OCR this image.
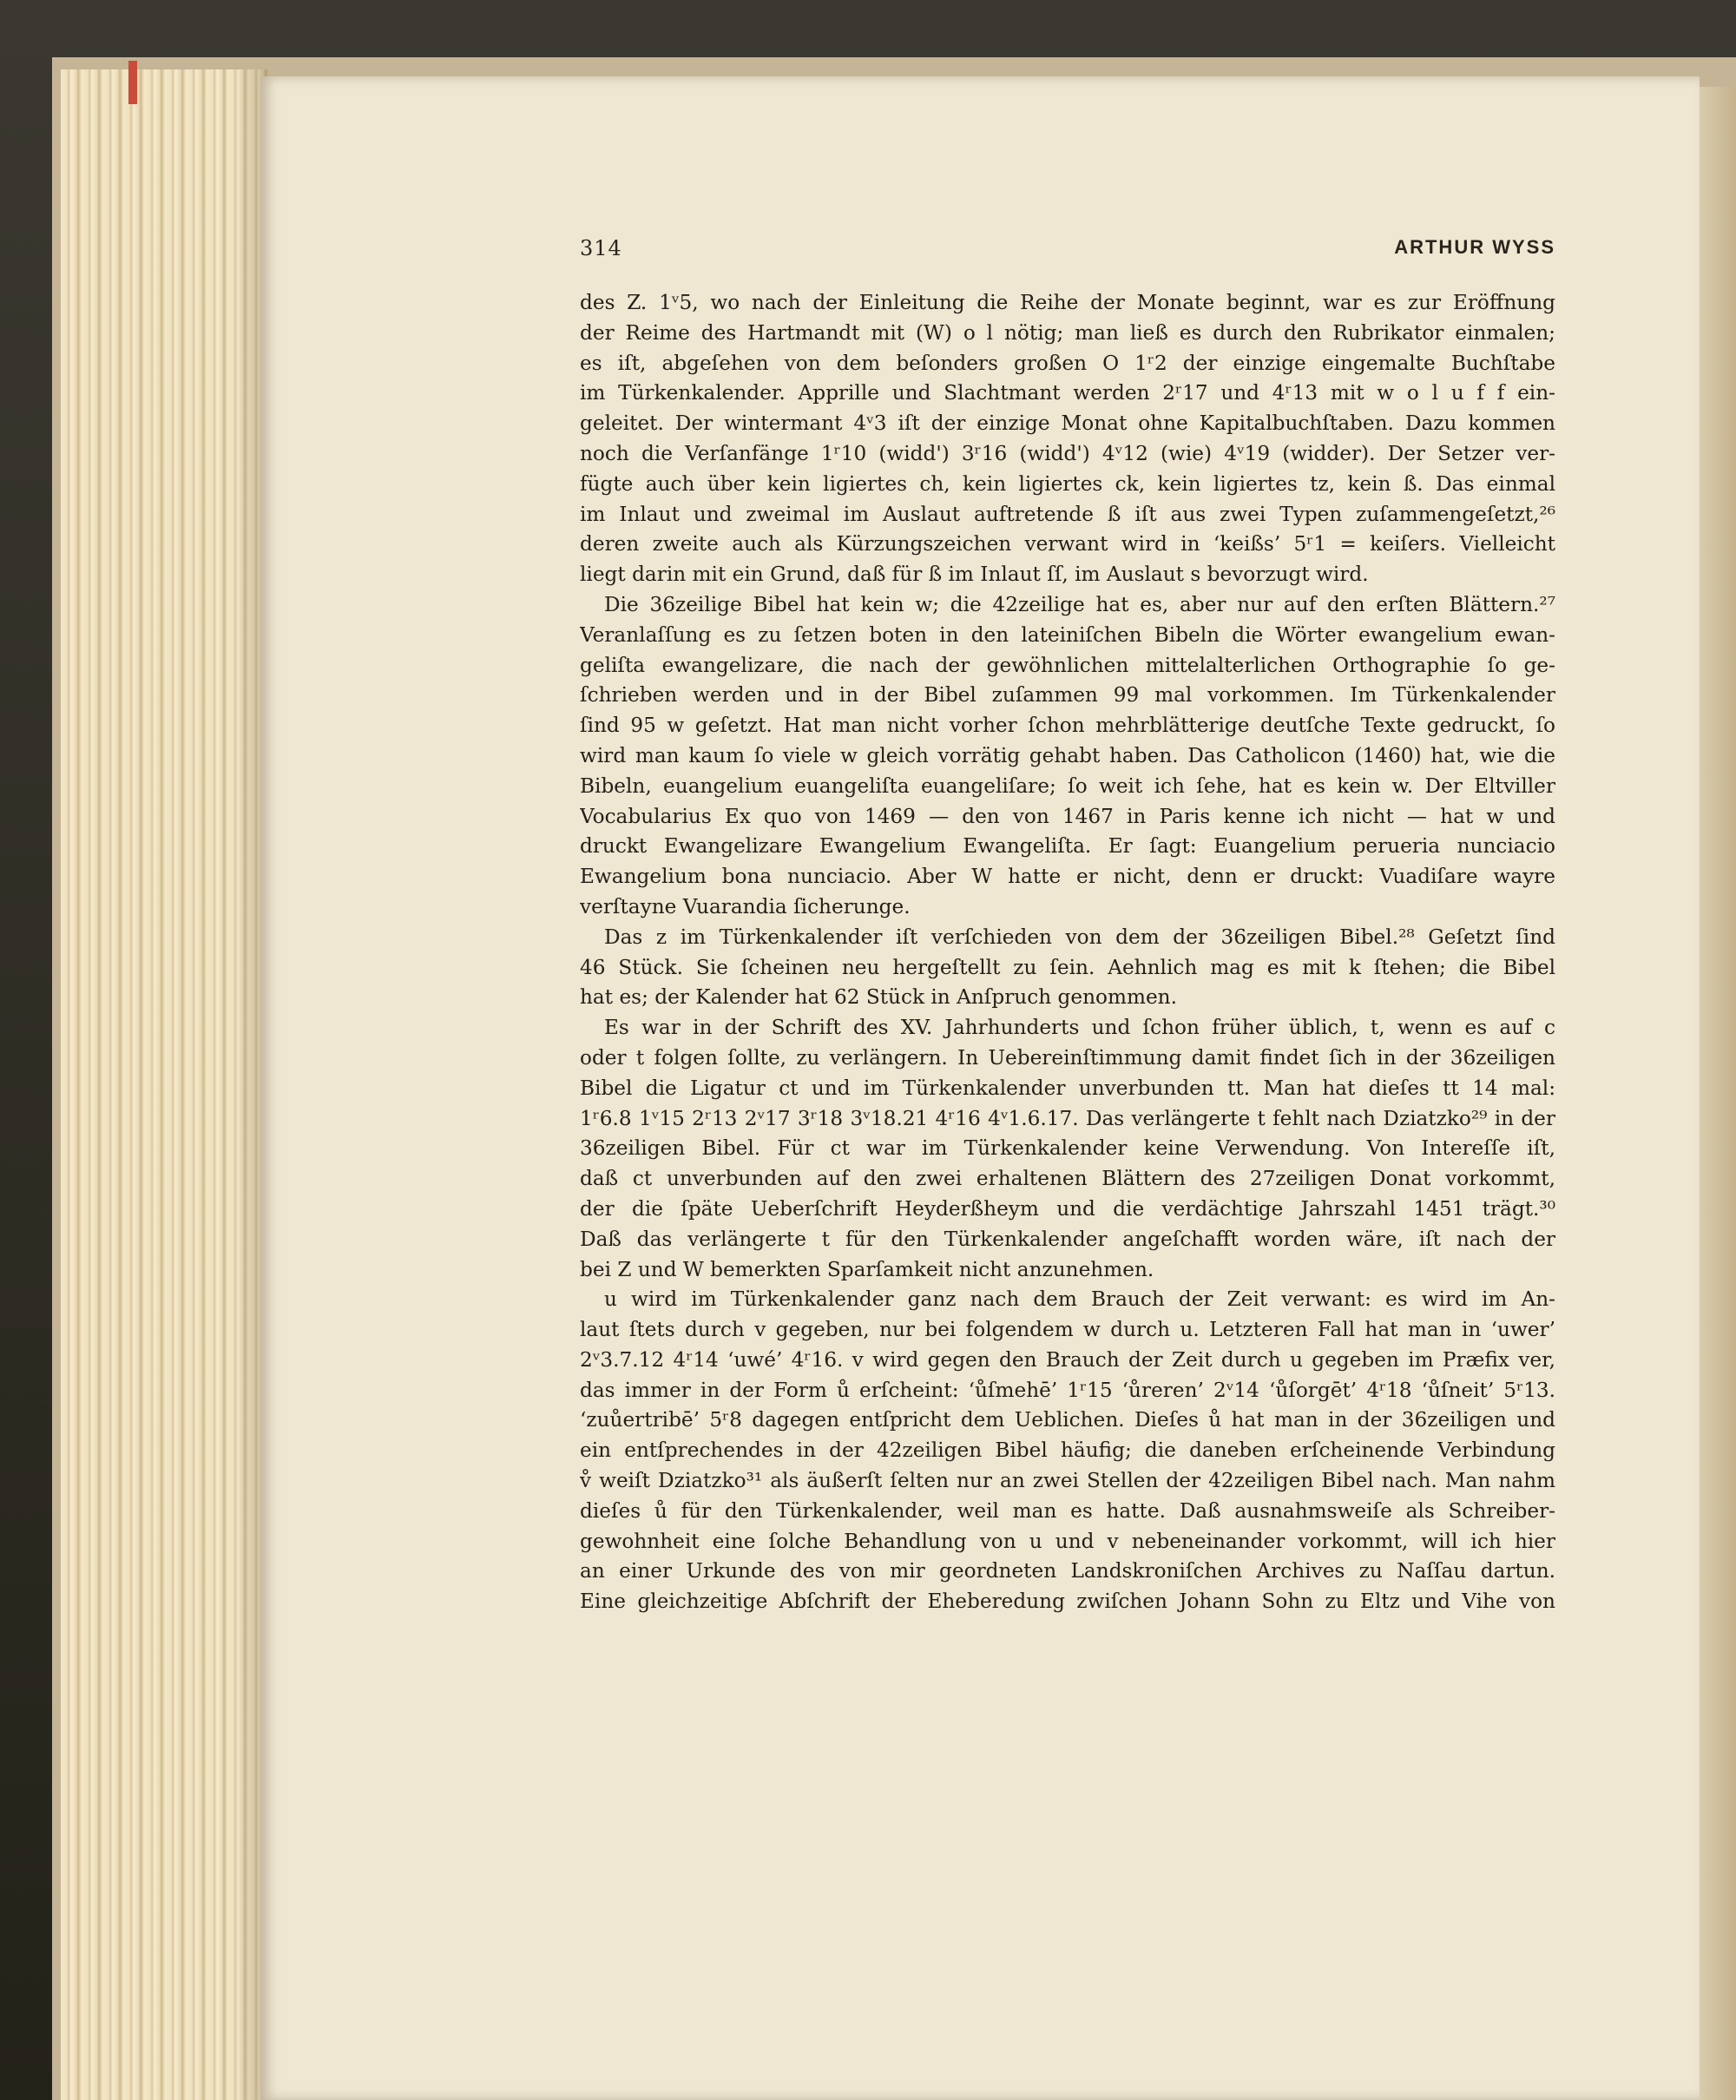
314	ARTHUR WYSS
des Z. 1ᵛ5, wo nach der Einleitung die Reihe der Monate beginnt, war es zur Eröffnung
der Reime des Hartmandt mit (W) o l nötig; man ließ es durch den Rubrikator einmalen;
es iſt, abgeſehen von dem beſonders großen O 1ʳ2 der einzige eingemalte Buchſtabe
im Türkenkalender. Apprille und Slachtmant werden 2ʳ17 und 4ʳ13 mit w o l u f f ein-
geleitet. Der wintermant 4ᵛ3 iſt der einzige Monat ohne Kapitalbuchſtaben. Dazu kommen
noch die Verſanfänge 1ʳ10 (widd') 3ʳ16 (widd') 4ᵛ12 (wie) 4ᵛ19 (widder). Der Setzer ver-
fügte auch über kein ligiertes ch, kein ligiertes ck, kein ligiertes tz, kein ß. Das einmal
im Inlaut und zweimal im Auslaut auftretende ß iſt aus zwei Typen zuſammengeſetzt,²⁶
deren zweite auch als Kürzungszeichen verwant wird in ‘keißs’ 5ʳ1 = keiſers. Vielleicht
liegt darin mit ein Grund, daß für ß im Inlaut ſſ, im Auslaut s bevorzugt wird.
Die 36zeilige Bibel hat kein w; die 42zeilige hat es, aber nur auf den erſten Blättern.²⁷
Veranlaſſung es zu ſetzen boten in den lateiniſchen Bibeln die Wörter ewangelium ewan-
geliſta ewangelizare, die nach der gewöhnlichen mittelalterlichen Orthographie ſo ge-
ſchrieben werden und in der Bibel zuſammen 99 mal vorkommen. Im Türkenkalender
ſind 95 w geſetzt. Hat man nicht vorher ſchon mehrblätterige deutſche Texte gedruckt, ſo
wird man kaum ſo viele w gleich vorrätig gehabt haben. Das Catholicon (1460) hat, wie die
Bibeln, euangelium euangeliſta euangeliſare; ſo weit ich ſehe, hat es kein w. Der Eltviller
Vocabularius Ex quo von 1469 — den von 1467 in Paris kenne ich nicht — hat w und
druckt Ewangelizare Ewangelium Ewangeliſta. Er ſagt: Euangelium perueria nunciacio
Ewangelium bona nunciacio. Aber W hatte er nicht, denn er druckt: Vuadiſare wayre
verſtayne Vuarandia ſicherunge.
Das z im Türkenkalender iſt verſchieden von dem der 36zeiligen Bibel.²⁸ Geſetzt ſind
46 Stück. Sie ſcheinen neu hergeſtellt zu ſein. Aehnlich mag es mit k ſtehen; die Bibel
hat es; der Kalender hat 62 Stück in Anſpruch genommen.
Es war in der Schrift des XV. Jahrhunderts und ſchon früher üblich, t, wenn es auf c
oder t folgen ſollte, zu verlängern. In Uebereinſtimmung damit findet ſich in der 36zeiligen
Bibel die Ligatur ct und im Türkenkalender unverbunden tt. Man hat dieſes tt 14 mal:
1ʳ6.8 1ᵛ15 2ʳ13 2ᵛ17 3ʳ18 3ᵛ18.21 4ʳ16 4ᵛ1.6.17. Das verlängerte t fehlt nach Dziatzko²⁹ in der
36zeiligen Bibel. Für ct war im Türkenkalender keine Verwendung. Von Intereſſe iſt,
daß ct unverbunden auf den zwei erhaltenen Blättern des 27zeiligen Donat vorkommt,
der die ſpäte Ueberſchrift Heyderßheym und die verdächtige Jahrszahl 1451 trägt.³⁰
Daß das verlängerte t für den Türkenkalender angeſchafft worden wäre, iſt nach der
bei Z und W bemerkten Sparſamkeit nicht anzunehmen.
u wird im Türkenkalender ganz nach dem Brauch der Zeit verwant: es wird im An-
laut ſtets durch v gegeben, nur bei folgendem w durch u. Letzteren Fall hat man in ‘uwer’
2ᵛ3.7.12 4ʳ14 ‘uwé’ 4ʳ16. v wird gegen den Brauch der Zeit durch u gegeben im Præfix ver,
das immer in der Form ů erſcheint: ‘ůſmehē’ 1ʳ15 ‘ůreren’ 2ᵛ14 ‘ůſorgēt’ 4ʳ18 ‘ůſneit’ 5ʳ13.
‘zuůertribē’ 5ʳ8 dagegen entſpricht dem Ueblichen. Dieſes ů hat man in der 36zeiligen und
ein entſprechendes in der 42zeiligen Bibel häufig; die daneben erſcheinende Verbindung
v̊ weiſt Dziatzko³¹ als äußerſt ſelten nur an zwei Stellen der 42zeiligen Bibel nach. Man nahm
dieſes ů für den Türkenkalender, weil man es hatte. Daß ausnahmsweiſe als Schreiber-
gewohnheit eine ſolche Behandlung von u und v nebeneinander vorkommt, will ich hier
an einer Urkunde des von mir geordneten Landskroniſchen Archives zu Naſſau dartun.
Eine gleichzeitige Abſchrift der Eheberedung zwiſchen Johann Sohn zu Eltz und Vihe von
